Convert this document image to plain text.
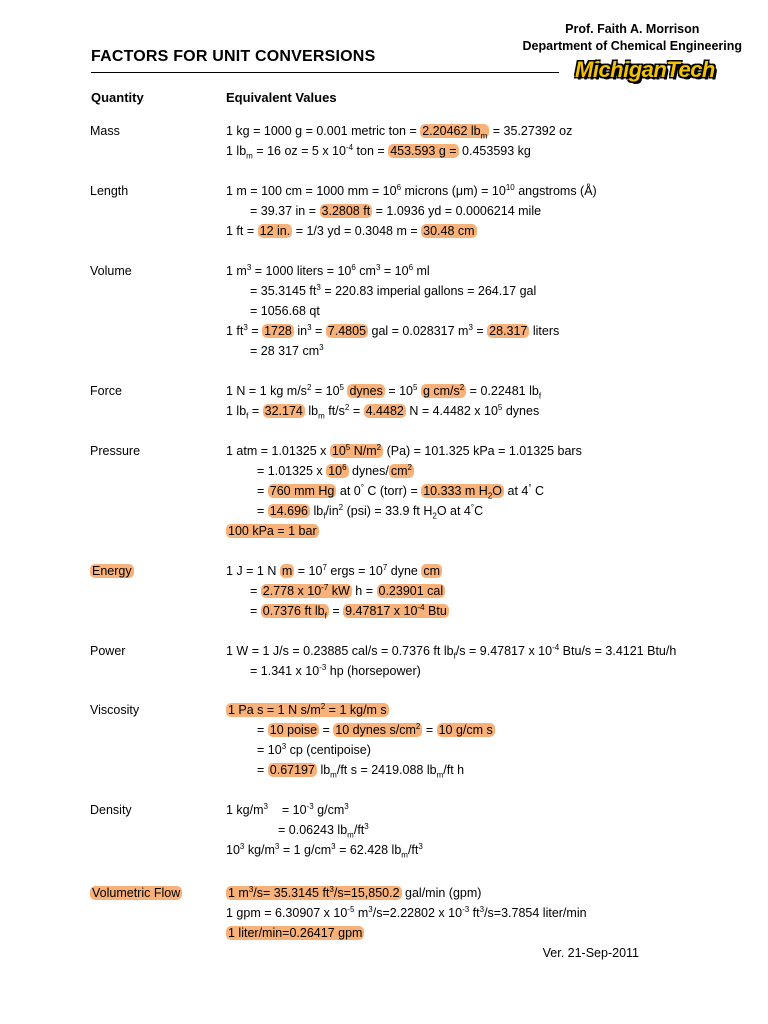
Prof. Faith A. Morrison
Department of Chemical Engineering
MichiganTech
FACTORS FOR UNIT CONVERSIONS
Quantity	Equivalent Values
Mass	1 kg = 1000 g = 0.001 metric ton = 2.20462 $lb_m = 35.27392$ oz
1 $lb_m = 16$ oz = 5 x $10^{-4}$ ton = 453.593 g = 0.453593 kg
Length	1 m = 100 cm = 1000 mm = $10^6$ microns $(\mu m) = 10^{10}$ angstroms (Å)
= 39.37 in = 3.2808 ft = 1.0936 yd = 0.0006214 mile
1 ft = 12 in. = 1/3 yd = 0.3048 m = 30.48 cm
Volume	1 $m^3 = 1000$ liters = $10^6$ $cm^3 = 10^6$ ml
= 35.3145 $ft^3 = 220.83$ imperial gallons = 264.17 gal
= 1056.68 qt
1 $ft^3 = 1728$ $in^3 = 7.4805$ gal = 0.028317 $m^3 = 28.317$ liters
= 28 317 $cm^3$
Force	1 N = 1 kg $m/s^2 = 10^5$ dynes = $10^5$ g $cm/s^2 = 0.22481$ $lb_f$
1 $lb_f = 32.174$ $lb_m$ $ft/s^2 = 4.4482$ N = 4.4482 x $10^5$ dynes
Pressure	1 atm = 1.01325 x $10^5$ $N/m^2$ (Pa) = 101.325 kPa = 1.01325 bars
= 1.01325 x $10^6$ dynes/ $cm^2$
= 760 mm Hg at 0° C (torr) = 10.333 m $H_2O$ at 4° C
= 14.696 $lb_f/in^2$ (psi) = 33.9 ft $H_2O$ at 4°C
100 kPa = 1 bar
Energy	1 J = 1 N $m = 10^7$ ergs = $10^7$ dyne cm
= 2.778 x $10^{-7}$ kW h = 0.23901 cal
= 0.7376 ft $lb_f = 9.47817$ x $10^{-4}$ Btu
Power	1 W = 1 J/s = 0.23885 cal/s = 0.7376 ft $lb_f/s = 9.47817$ x $10^{-4}$ Btu/s = 3.4121 Btu/h
= 1.341 x $10^{-3}$ hp (horsepower)
Viscosity	1 Pa s = 1 N $s/m^2 = 1$ kg/m s
= 10 poise = 10 dynes $s/cm^2 = 10$ g/cm s
= $10^3$ cp (centipoise)
= 0.67197 $lb_m/ft$ s = 2419.088 $lb_m/ft$ h
Density	1 $kg/m^3$    = $10^{-3}$ $g/cm^3$
= 0.06243 $lb_m/ft^3$
$10^3$ $kg/m^3 = 1$ $g/cm^3 = 62.428$ $lb_m/ft^3$
Volumetric Flow	1 $m^3/s= 35.3145$ $ft^3/s=15,850.2$ gal/min (gpm)
1 gpm = 6.30907 x $10^{-5}$ $m^3/s=2.22802$ x $10^{-3}$ $ft^3/s=3.7854$ liter/min
1 liter/min=0.26417 gpm
Ver. 21-Sep-2011
